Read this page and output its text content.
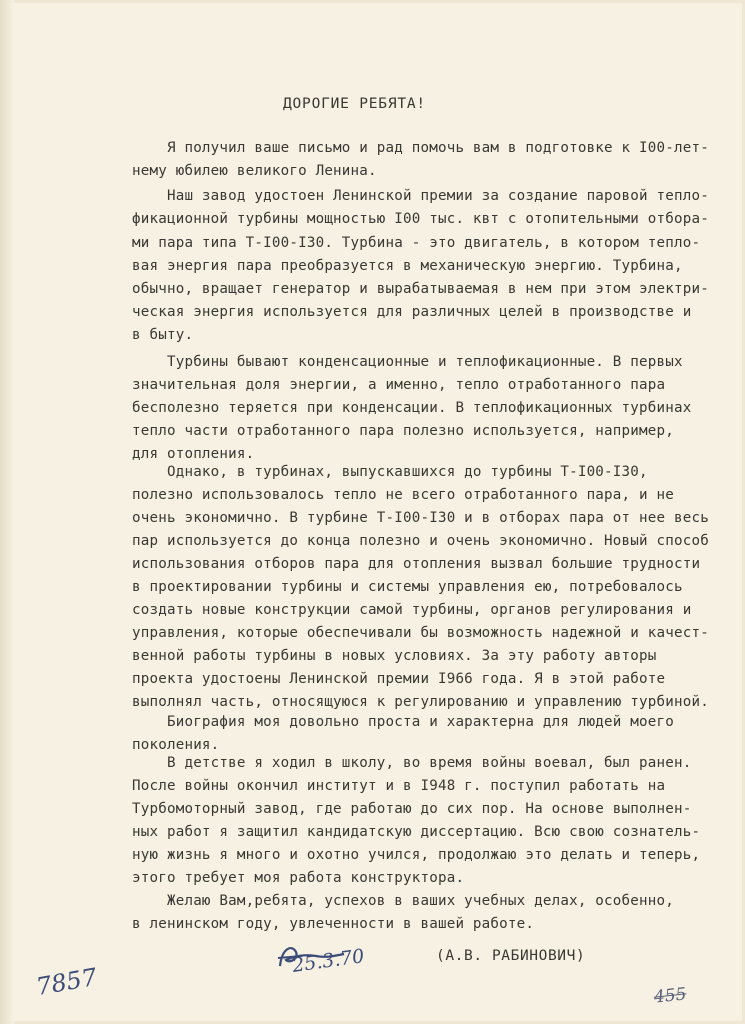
ДОРОГИЕ РЕБЯТА!
Я получил ваше письмо и рад помочь вам в подготовке к I00-лет-
нему юбилею великого Ленина.
Наш завод удостоен Ленинской премии за создание паровой тепло-
фикационной турбины мощностью I00 тыс. квт с отопительными отбора-
ми пара типа Т-I00-I30. Турбина - это двигатель, в котором тепло-
вая энергия пара преобразуется в механическую энергию. Турбина,
обычно, вращает генератор и вырабатываемая в нем при этом электри-
ческая энергия используется для различных целей в производстве и
в быту.
Турбины бывают конденсационные и теплофикационные. В первых
значительная доля энергии, а именно, тепло отработанного пара
бесполезно теряется при конденсации. В теплофикационных турбинах
тепло части отработанного пара полезно используется, например,
для отопления.
Однако, в турбинах, выпускавшихся до турбины Т-I00-I30,
полезно использовалось тепло не всего отработанного пара, и не
очень экономично. В турбине Т-I00-I30 и в отборах пара от нее весь
пар используется до конца полезно и очень экономично. Новый способ
использования отборов пара для отопления вызвал большие трудности
в проектировании турбины и системы управления ею, потребовалось
создать новые конструкции самой турбины, органов регулирования и
управления, которые обеспечивали бы возможность надежной и качест-
венной работы турбины в новых условиях. За эту работу авторы
проекта удостоены Ленинской премии I966 года. Я в этой работе
выполнял часть, относящуюся к регулированию и управлению турбиной.
Биография моя довольно проста и характерна для людей моего
поколения.
В детстве я ходил в школу, во время войны воевал, был ранен.
После войны окончил институт и в I948 г. поступил работать на
Турбомоторный завод, где работаю до сих пор. На основе выполнен-
ных работ я защитил кандидатскую диссертацию. Всю свою сознатель-
ную жизнь я много и охотно учился, продолжаю это делать и теперь,
этого требует моя работа конструктора.
Желаю Вам,ребята, успехов в ваших учебных делах, особенно,
в ленинском году, увлеченности в вашей работе.
25.3.70	(А.В. РАБИНОВИЧ)
7857	455
